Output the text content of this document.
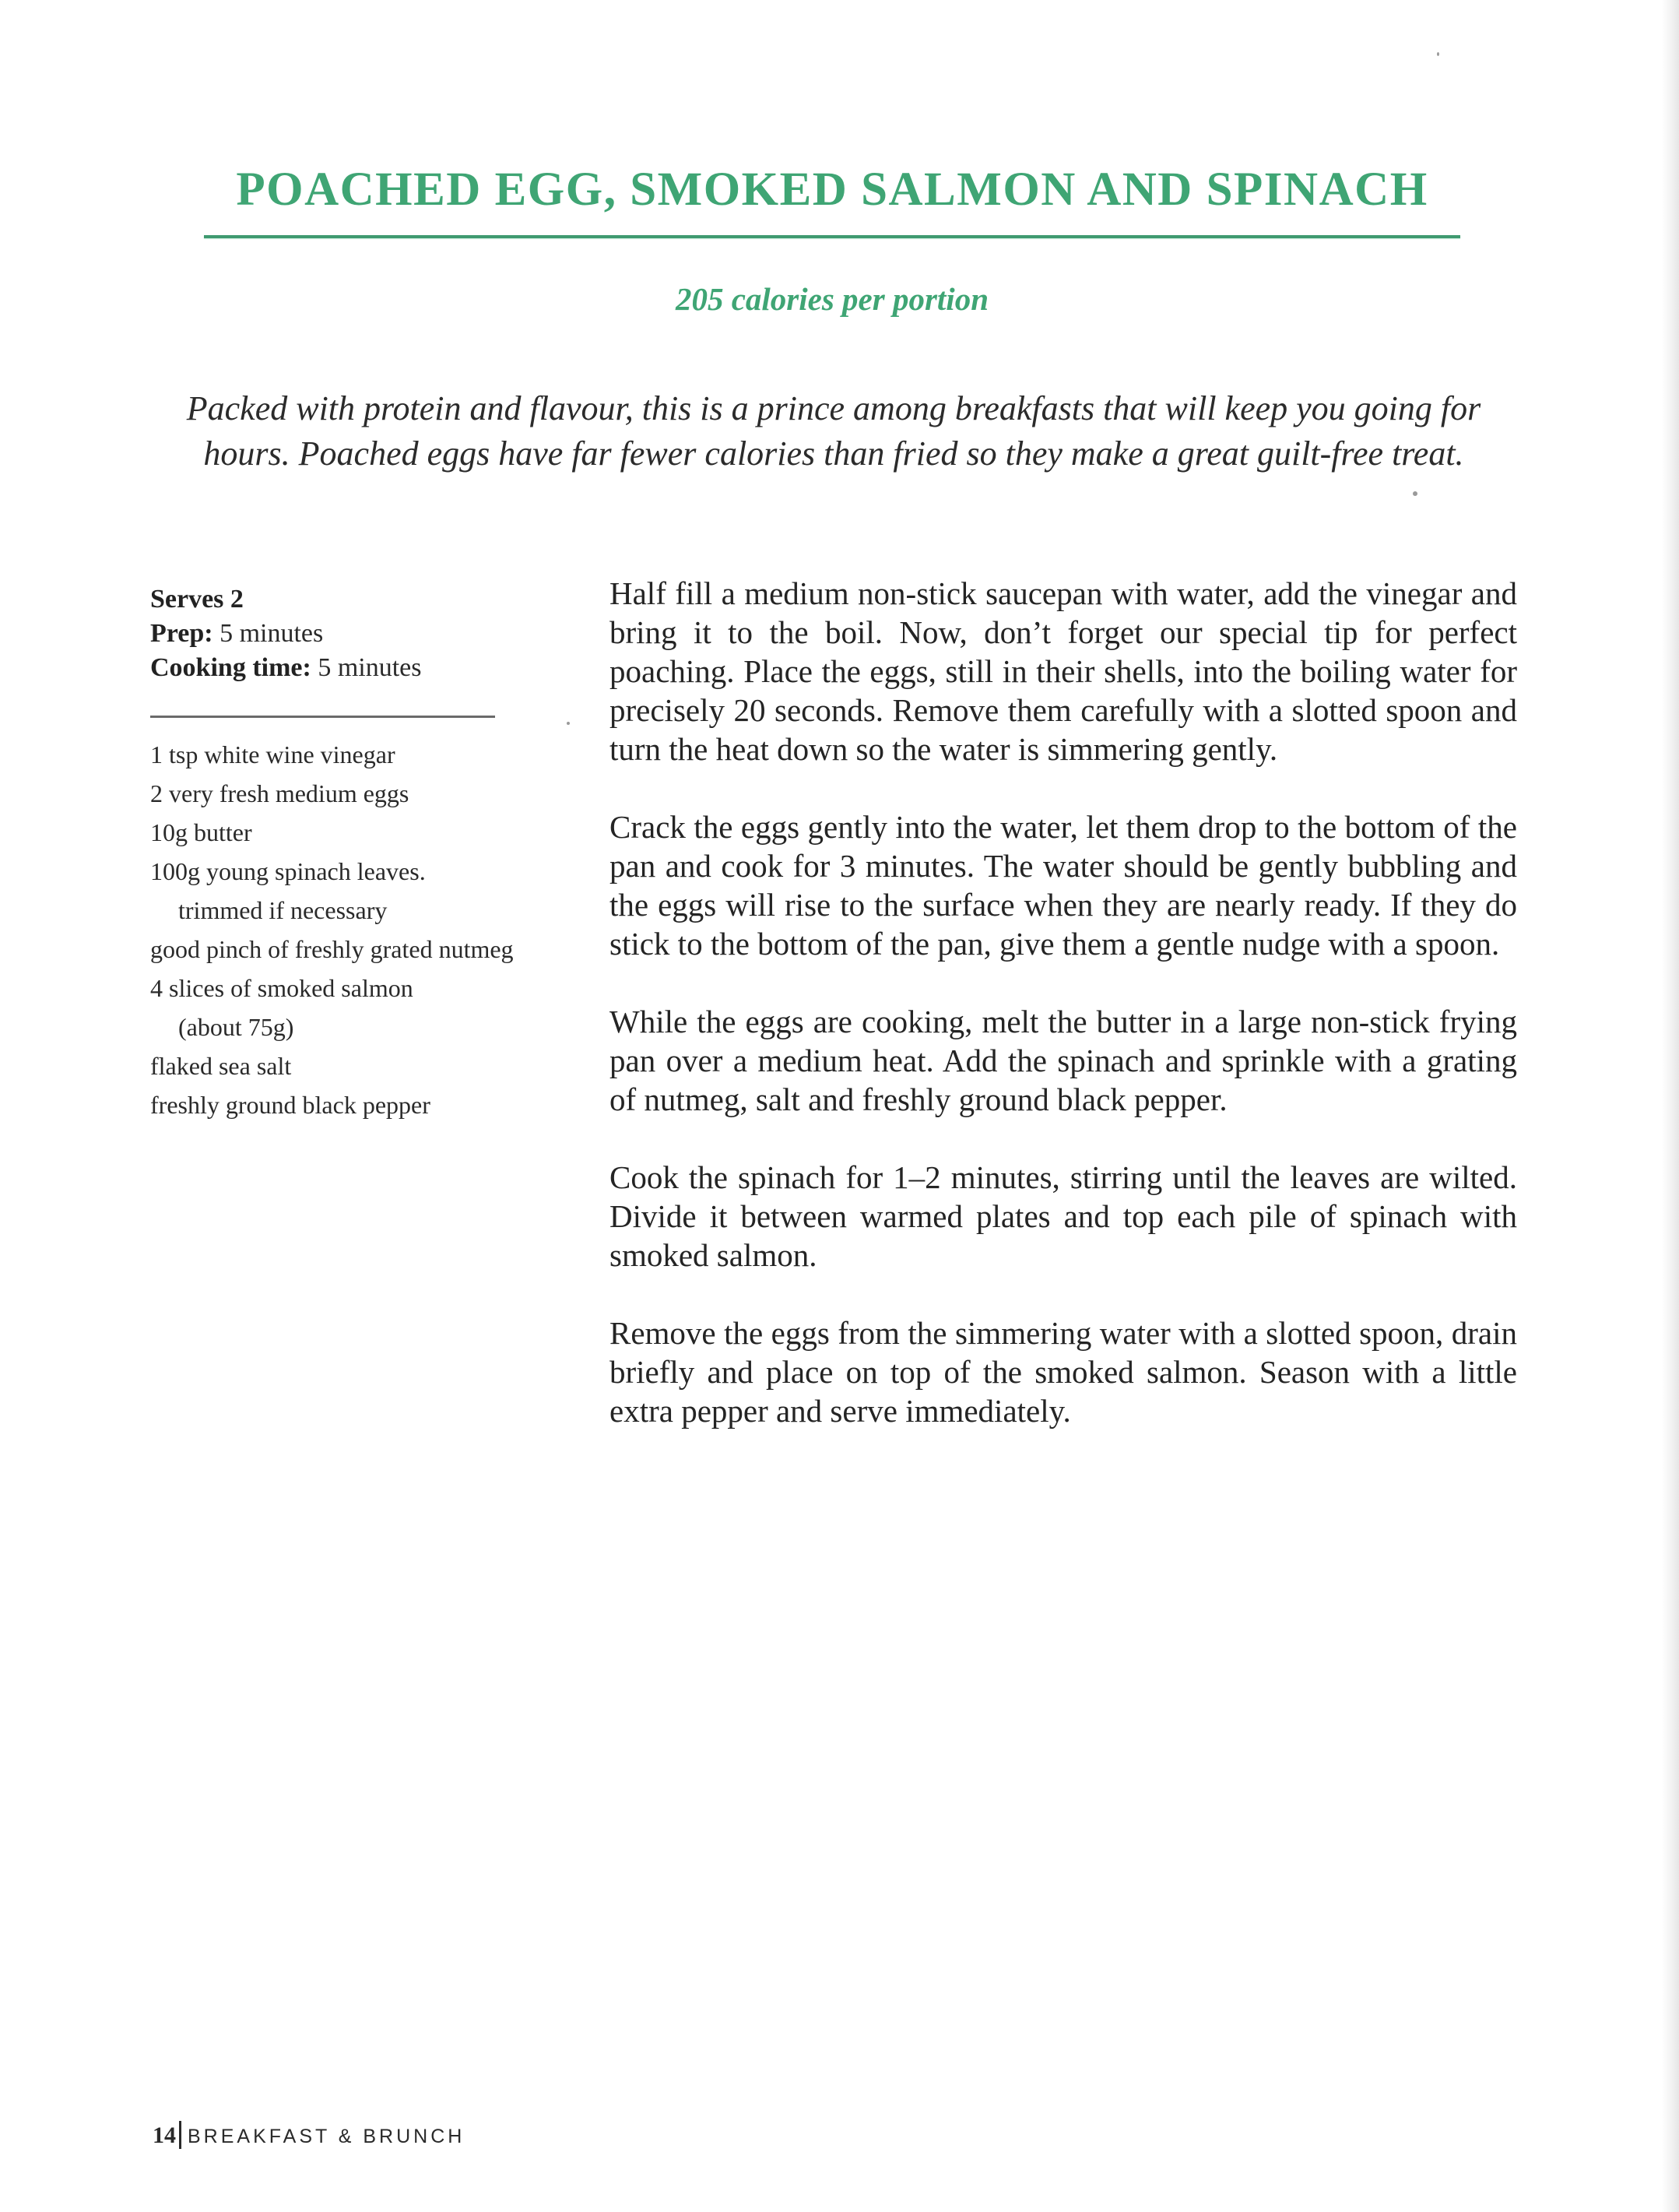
POACHED EGG, SMOKED SALMON AND SPINACH
205 calories per portion
Packed with protein and flavour, this is a prince among breakfasts that will keep you going for hours. Poached eggs have far fewer calories than fried so they make a great guilt-free treat.
Serves 2
Prep: 5 minutes
Cooking time: 5 minutes
1 tsp white wine vinegar
2 very fresh medium eggs
10g butter
100g young spinach leaves. trimmed if necessary
good pinch of freshly grated nutmeg
4 slices of smoked salmon (about 75g)
flaked sea salt
freshly ground black pepper

Half fill a medium non-stick saucepan with water, add the vinegar and bring it to the boil. Now, don’t forget our special tip for perfect poaching. Place the eggs, still in their shells, into the boiling water for precisely 20 seconds. Remove them carefully with a slotted spoon and turn the heat down so the water is simmering gently.

Crack the eggs gently into the water, let them drop to the bottom of the pan and cook for 3 minutes. The water should be gently bubbling and the eggs will rise to the surface when they are nearly ready. If they do stick to the bottom of the pan, give them a gentle nudge with a spoon.

While the eggs are cooking, melt the butter in a large non-stick frying pan over a medium heat. Add the spinach and sprinkle with a grating of nutmeg, salt and freshly ground black pepper.

Cook the spinach for 1–2 minutes, stirring until the leaves are wilted. Divide it between warmed plates and top each pile of spinach with smoked salmon.

Remove the eggs from the simmering water with a slotted spoon, drain briefly and place on top of the smoked salmon. Season with a little extra pepper and serve immediately.

14 BREAKFAST & BRUNCH
